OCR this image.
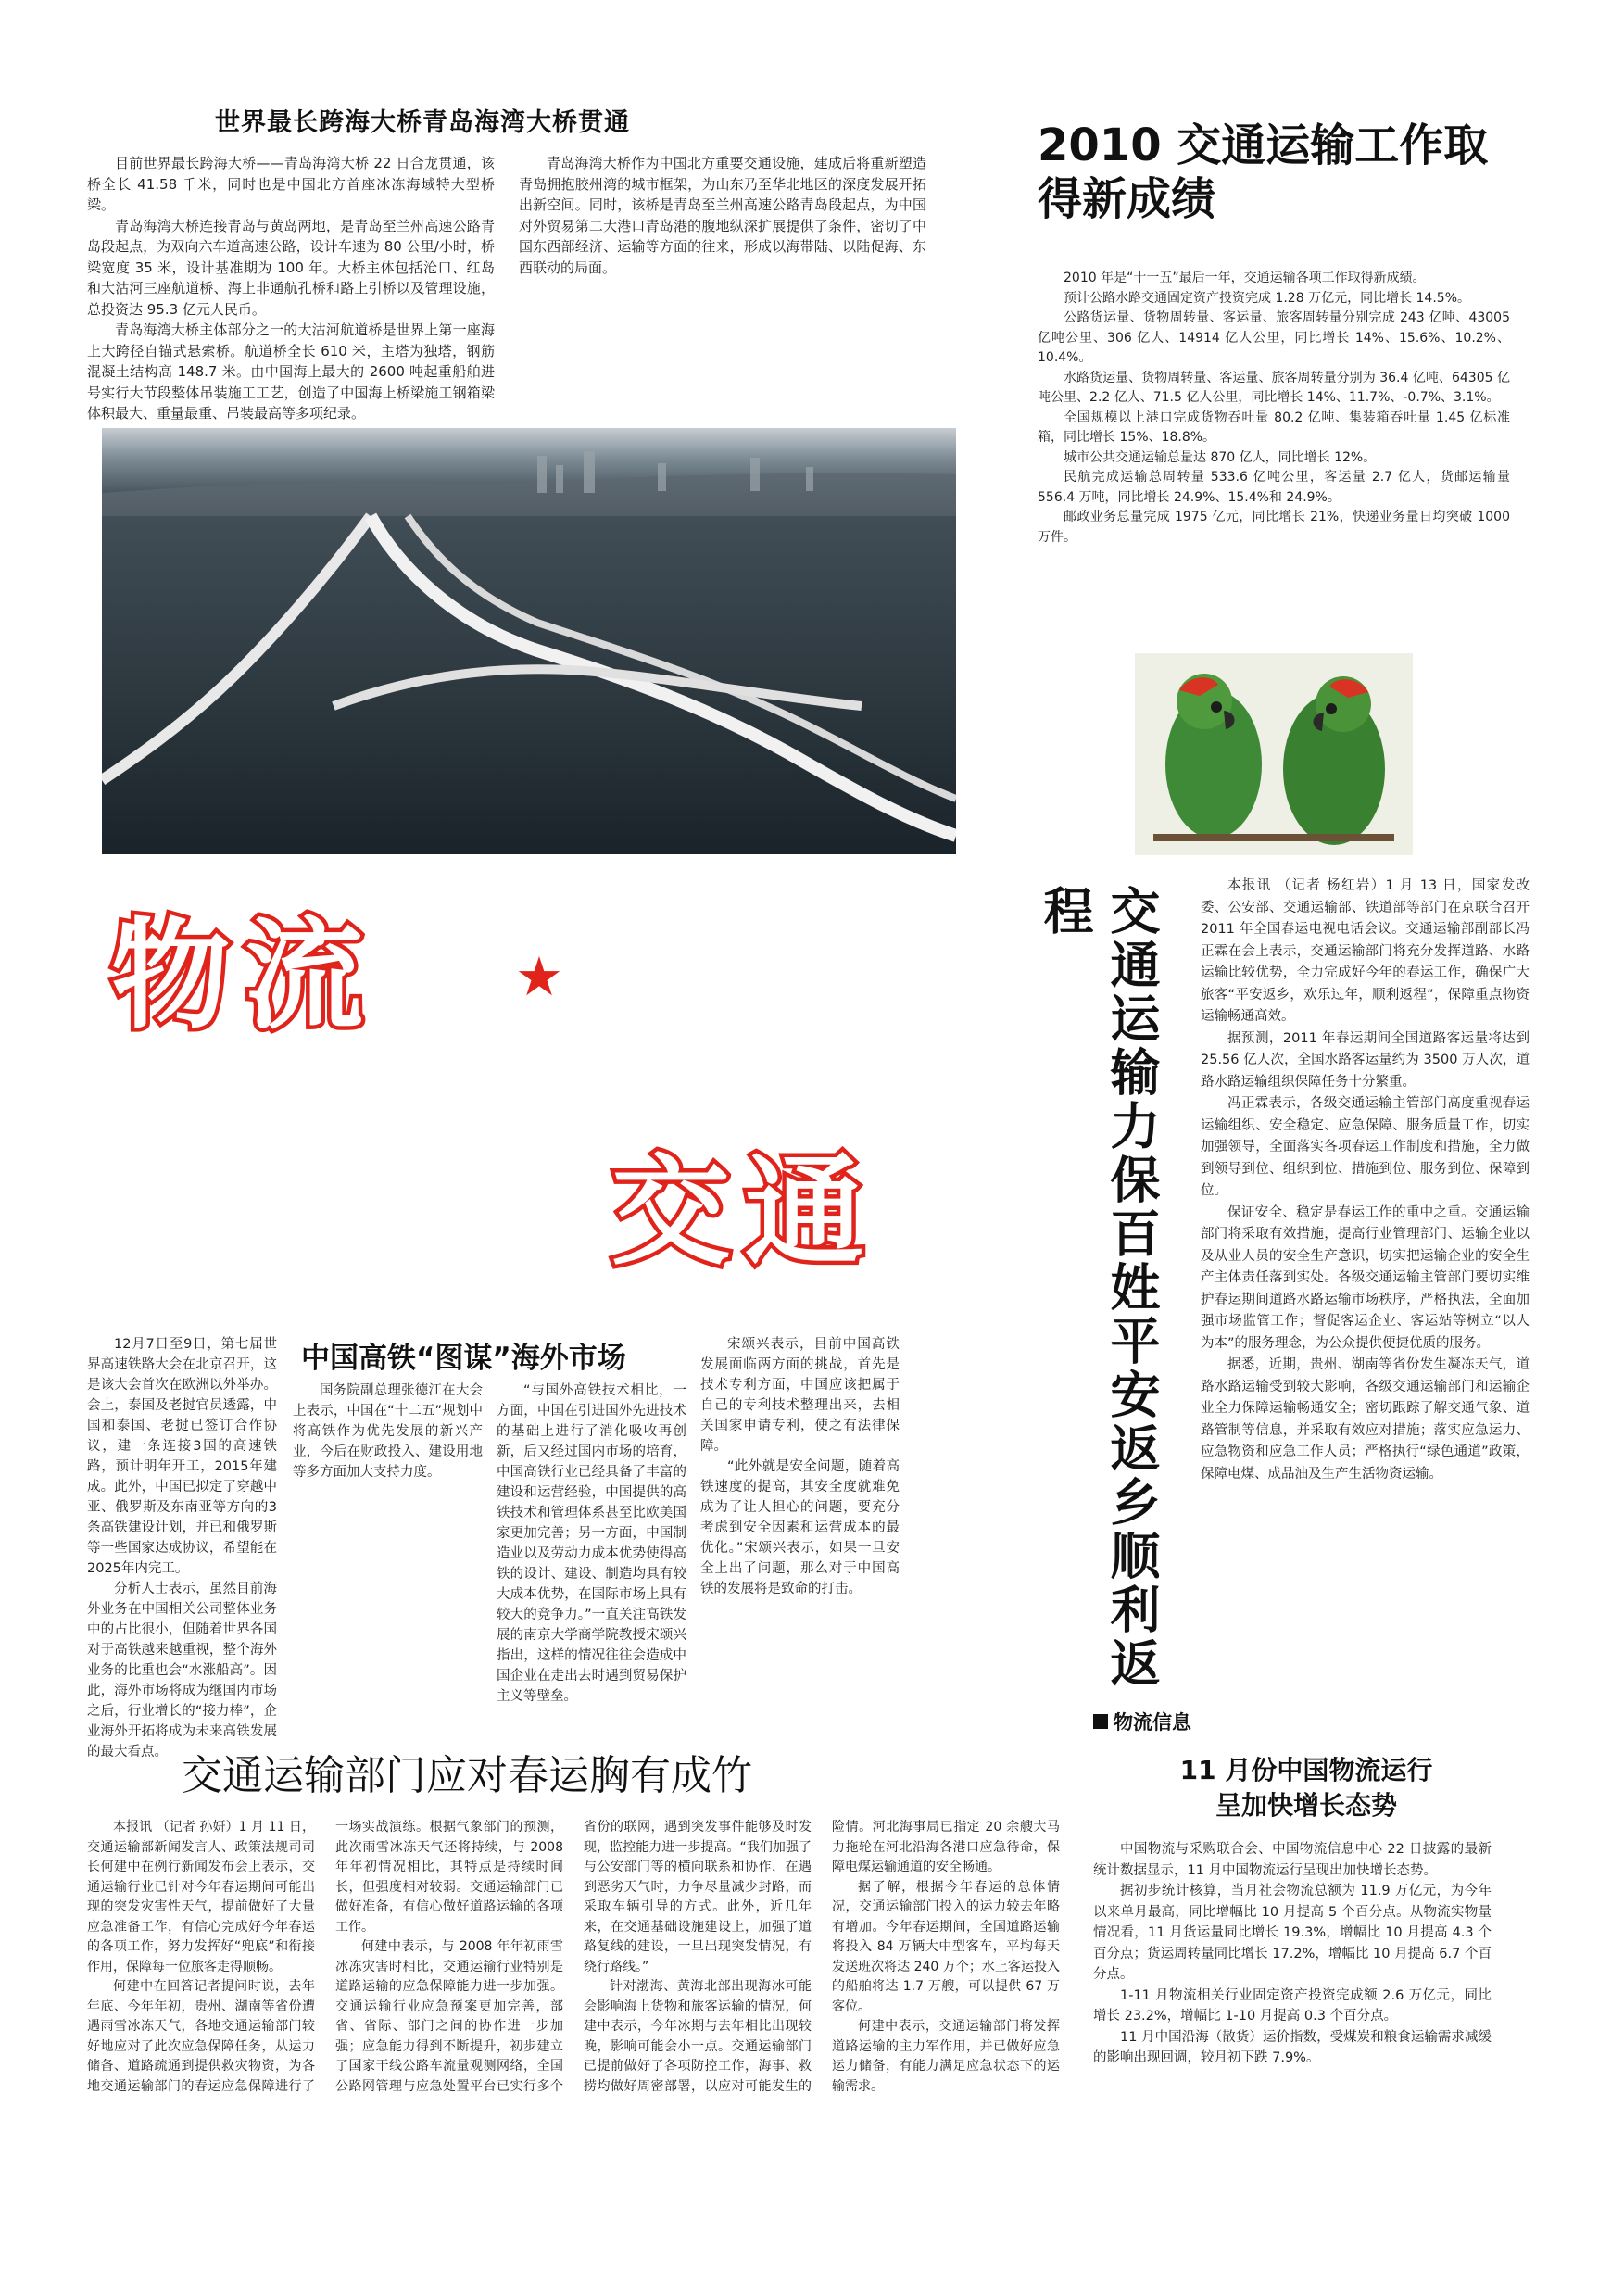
世界最长跨海大桥青岛海湾大桥贯通

目前世界最长跨海大桥——青岛海湾大桥 22 日合龙贯通，该桥全长 41.58 千米，同时也是中国北方首座冰冻海域特大型桥梁。

青岛海湾大桥连接青岛与黄岛两地，是青岛至兰州高速公路青岛段起点，为双向六车道高速公路，设计车速为 80 公里/小时，桥梁宽度 35 米，设计基准期为 100 年。大桥主体包括沧口、红岛和大沽河三座航道桥、海上非通航孔桥和路上引桥以及管理设施，总投资达 95.3 亿元人民币。

青岛海湾大桥主体部分之一的大沽河航道桥是世界上第一座海上大跨径自锚式悬索桥。航道桥全长 610 米，主塔为独塔，钢筋混凝土结构高 148.7 米。由中国海上最大的 2600 吨起重船舶进号实行大节段整体吊装施工工艺，创造了中国海上桥梁施工钢箱梁体积最大、重量最重、吊装最高等多项纪录。

青岛海湾大桥作为中国北方重要交通设施，建成后将重新塑造青岛拥抱胶州湾的城市框架，为山东乃至华北地区的深度发展开拓出新空间。同时，该桥是青岛至兰州高速公路青岛段起点，为中国对外贸易第二大港口青岛港的腹地纵深扩展提供了条件，密切了中国东西部经济、运输等方面的往来，形成以海带陆、以陆促海、东西联动的局面。

2010 交通运输工作取得新成绩

2010 年是“十一五”最后一年，交通运输各项工作取得新成绩。

预计公路水路交通固定资产投资完成 1.28 万亿元，同比增长 14.5%。

公路货运量、货物周转量、客运量、旅客周转量分别完成 243 亿吨、43005 亿吨公里、306 亿人、14914 亿人公里，同比增长 14%、15.6%、10.2%、10.4%。

水路货运量、货物周转量、客运量、旅客周转量分别为 36.4 亿吨、64305 亿吨公里、2.2 亿人、71.5 亿人公里，同比增长 14%、11.7%、-0.7%、3.1%。

全国规模以上港口完成货物吞吐量 80.2 亿吨、集装箱吞吐量 1.45 亿标准箱，同比增长 15%、18.8%。

城市公共交通运输总量达 870 亿人，同比增长 12%。

民航完成运输总周转量 533.6 亿吨公里，客运量 2.7 亿人，货邮运输量 556.4 万吨，同比增长 24.9%、15.4%和 24.9%。

邮政业务总量完成 1975 亿元，同比增长 21%，快递业务量日均突破 1000 万件。

物流	★
交通	交通运输力保百姓平安返乡顺利返程	本报讯 （记者 杨红岩）1 月 13 日，国家发改委、公安部、交通运输部、铁道部等部门在京联合召开 2011 年全国春运电视电话会议。交通运输部副部长冯正霖在会上表示，交通运输部门将充分发挥道路、水路运输比较优势，全力完成好今年的春运工作，确保广大旅客“平安返乡，欢乐过年，顺利返程”，保障重点物资运输畅通高效。

据预测，2011 年春运期间全国道路客运量将达到 25.56 亿人次，全国水路客运量约为 3500 万人次，道路水路运输组织保障任务十分繁重。

冯正霖表示，各级交通运输主管部门高度重视春运运输组织、安全稳定、应急保障、服务质量工作，切实加强领导，全面落实各项春运工作制度和措施，全力做到领导到位、组织到位、措施到位、服务到位、保障到位。

保证安全、稳定是春运工作的重中之重。交通运输部门将采取有效措施，提高行业管理部门、运输企业以及从业人员的安全生产意识，切实把运输企业的安全生产主体责任落到实处。各级交通运输主管部门要切实维护春运期间道路水路运输市场秩序，严格执法，全面加强市场监管工作；督促客运企业、客运站等树立“以人为本”的服务理念，为公众提供便捷优质的服务。

据悉，近期，贵州、湖南等省份发生凝冻天气，道路水路运输受到较大影响，各级交通运输部门和运输企业全力保障运输畅通安全；密切跟踪了解交通气象、道路管制等信息，并采取有效应对措施；落实应急运力、应急物资和应急工作人员；严格执行“绿色通道”政策，保障电煤、成品油及生产生活物资运输。

中国高铁“图谋”海外市场

12月7日至9日，第七届世界高速铁路大会在北京召开，这是该大会首次在欧洲以外举办。会上，泰国及老挝官员透露，中国和泰国、老挝已签订合作协议，建一条连接3国的高速铁路，预计明年开工，2015年建成。此外，中国已拟定了穿越中亚、俄罗斯及东南亚等方向的3条高铁建设计划，并已和俄罗斯等一些国家达成协议，希望能在2025年内完工。

分析人士表示，虽然目前海外业务在中国相关公司整体业务中的占比很小，但随着世界各国对于高铁越来越重视，整个海外业务的比重也会“水涨船高”。因此，海外市场将成为继国内市场之后，行业增长的“接力棒”，企业海外开拓将成为未来高铁发展的最大看点。

国务院副总理张德江在大会上表示，中国在“十二五”规划中将高铁作为优先发展的新兴产业，今后在财政投入、建设用地等多方面加大支持力度。

“与国外高铁技术相比，一方面，中国在引进国外先进技术的基础上进行了消化吸收再创新，后又经过国内市场的培育，中国高铁行业已经具备了丰富的建设和运营经验，中国提供的高铁技术和管理体系甚至比欧美国家更加完善；另一方面，中国制造业以及劳动力成本优势使得高铁的设计、建设、制造均具有较大成本优势，在国际市场上具有较大的竞争力。”一直关注高铁发展的南京大学商学院教授宋颂兴指出，这样的情况往往会造成中国企业在走出去时遇到贸易保护主义等壁垒。

宋颂兴表示，目前中国高铁发展面临两方面的挑战，首先是技术专利方面，中国应该把属于自己的专利技术整理出来，去相关国家申请专利，使之有法律保障。

“此外就是安全问题，随着高铁速度的提高，其安全度就难免成为了让人担心的问题，要充分考虑到安全因素和运营成本的最优化。”宋颂兴表示，如果一旦安全上出了问题，那么对于中国高铁的发展将是致命的打击。

交通运输部门应对春运胸有成竹

本报讯 （记者 孙妍）1 月 11 日，交通运输部新闻发言人、政策法规司司长何建中在例行新闻发布会上表示，交通运输行业已针对今年春运期间可能出现的突发灾害性天气，提前做好了大量应急准备工作，有信心完成好今年春运的各项工作，努力发挥好“兜底”和衔接作用，保障每一位旅客走得顺畅。

何建中在回答记者提问时说，去年年底、今年年初，贵州、湖南等省份遭遇雨雪冰冻天气，各地交通运输部门较好地应对了此次应急保障任务，从运力储备、道路疏通到提供救灾物资，为各地交通运输部门的春运应急保障进行了一场实战演练。根据气象部门的预测，此次雨雪冰冻天气还将持续，与 2008 年年初情况相比，其特点是持续时间长，但强度相对较弱。交通运输部门已做好准备，有信心做好道路运输的各项工作。

何建中表示，与 2008 年年初雨雪冰冻灾害时相比，交通运输行业特别是道路运输的应急保障能力进一步加强。交通运输行业应急预案更加完善，部省、省际、部门之间的协作进一步加强；应急能力得到不断提升，初步建立了国家干线公路车流量观测网络，全国公路网管理与应急处置平台已实行多个省份的联网，遇到突发事件能够及时发现，监控能力进一步提高。“我们加强了与公安部门等的横向联系和协作，在遇到恶劣天气时，力争尽量减少封路，而采取车辆引导的方式。此外，近几年来，在交通基础设施建设上，加强了道路复线的建设，一旦出现突发情况，有绕行路线。”

针对渤海、黄海北部出现海冰可能会影响海上货物和旅客运输的情况，何建中表示，今年冰期与去年相比出现较晚，影响可能会小一点。交通运输部门已提前做好了各项防控工作，海事、救捞均做好周密部署，以应对可能发生的险情。河北海事局已指定 20 余艘大马力拖轮在河北沿海各港口应急待命，保障电煤运输通道的安全畅通。

据了解，根据今年春运的总体情况，交通运输部门投入的运力较去年略有增加。今年春运期间，全国道路运输将投入 84 万辆大中型客车，平均每天发送班次将达 240 万个；水上客运投入的船舶将达 1.7 万艘，可以提供 67 万客位。

何建中表示，交通运输部门将发挥道路运输的主力军作用，并已做好应急运力储备，有能力满足应急状态下的运输需求。

物流信息
11 月份中国物流运行
呈加快增长态势

中国物流与采购联合会、中国物流信息中心 22 日披露的最新统计数据显示，11 月中国物流运行呈现出加快增长态势。

据初步统计核算，当月社会物流总额为 11.9 万亿元，为今年以来单月最高，同比增幅比 10 月提高 5 个百分点。从物流实物量情况看，11 月货运量同比增长 19.3%，增幅比 10 月提高 4.3 个百分点；货运周转量同比增长 17.2%，增幅比 10 月提高 6.7 个百分点。

1-11 月物流相关行业固定资产投资完成额 2.6 万亿元，同比增长 23.2%，增幅比 1-10 月提高 0.3 个百分点。

11 月中国沿海（散货）运价指数，受煤炭和粮食运输需求减缓的影响出现回调，较月初下跌 7.9%。
